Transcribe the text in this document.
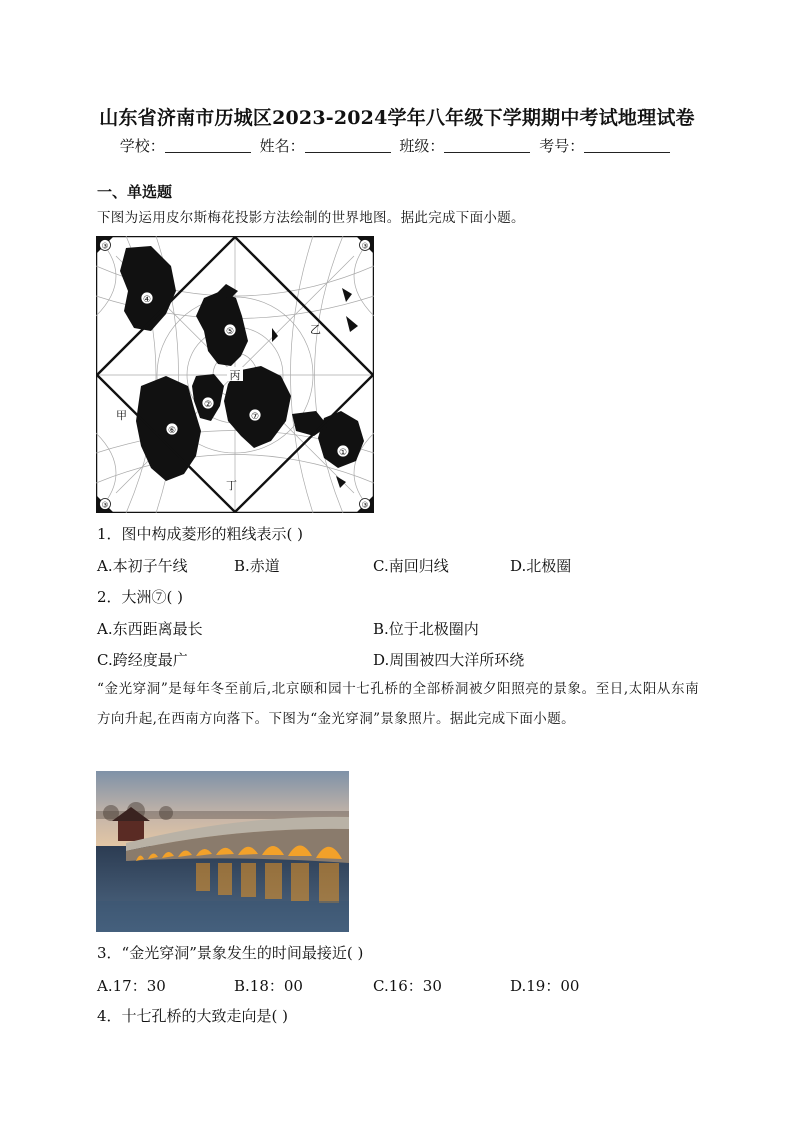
山东省济南市历城区2023-2024学年八年级下学期期中考试地理试卷
学校：	姓名：	班级：	考号：
一、单选题
下图为运用皮尔斯梅花投影方法绘制的世界地图。据此完成下面小题。
④
⑤
②
⑦
⑥
①
③	③
③	③
甲
乙
丙
丁
1．图中构成菱形的粗线表示( )
A.本初子午线	B.赤道	C.南回归线	D.北极圈
2．大洲⑦( )
A.东西距离最长	B.位于北极圈内
C.跨经度最广	D.周围被四大洋所环绕
“金光穿洞”是每年冬至前后,北京颐和园十七孔桥的全部桥洞被夕阳照亮的景象。至日,太阳从东南方向升起,在西南方向落下。下图为“金光穿洞”景象照片。据此完成下面小题。
3．“金光穿洞”景象发生的时间最接近( )
A.17：30	B.18：00	C.16：30	D.19：00
4．十七孔桥的大致走向是( )
